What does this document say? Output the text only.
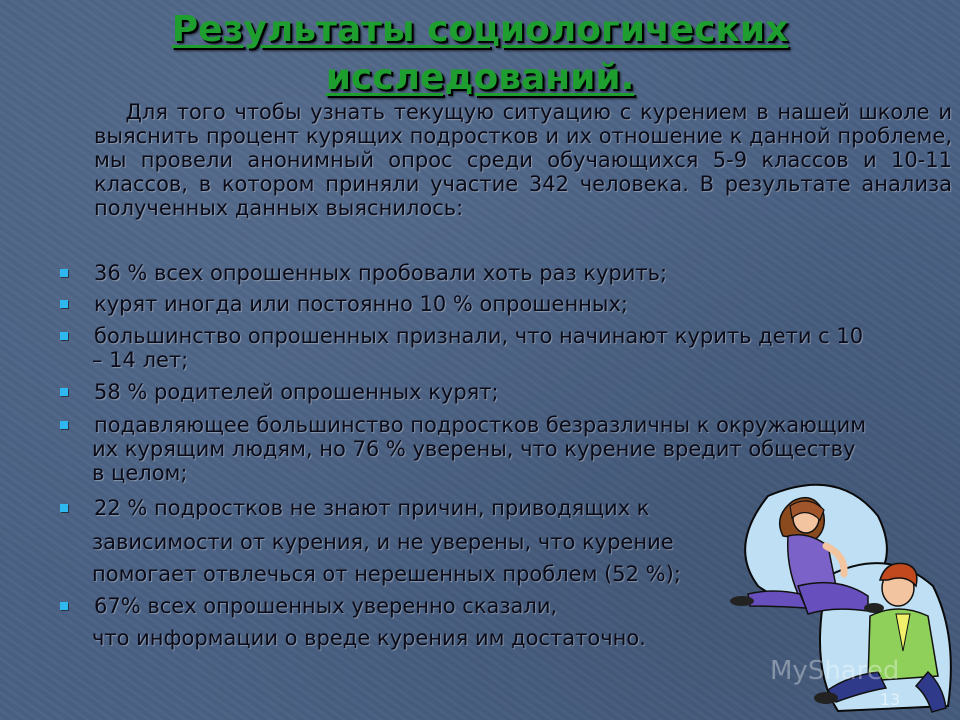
Результаты социологических
исследований.

Для того чтобы узнать текущую ситуацию с курением в нашей школе и выяснить процент курящих подростков и их отношение к данной проблеме, мы провели анонимный опрос среди обучающихся 5-9 классов и 10-11 классов, в котором приняли участие 342 человека. В результате анализа полученных данных выяснилось:

36 % всех опрошенных пробовали хоть раз курить;
курят иногда или постоянно 10 % опрошенных;
большинство опрошенных признали, что начинают курить дети с 10
– 14 лет;
58 % родителей опрошенных курят;
подавляющее большинство подростков безразличны к окружающим
их курящим людям, но 76 % уверены, что курение вредит обществу
в целом;
22 % подростков не знают причин, приводящих к
зависимости от курения, и не уверены, что курение
помогает отвлечься от нерешенных проблем (52 %);
67% всех опрошенных уверенно сказали,
что информации о вреде курения им достаточно.
MyShared
13
